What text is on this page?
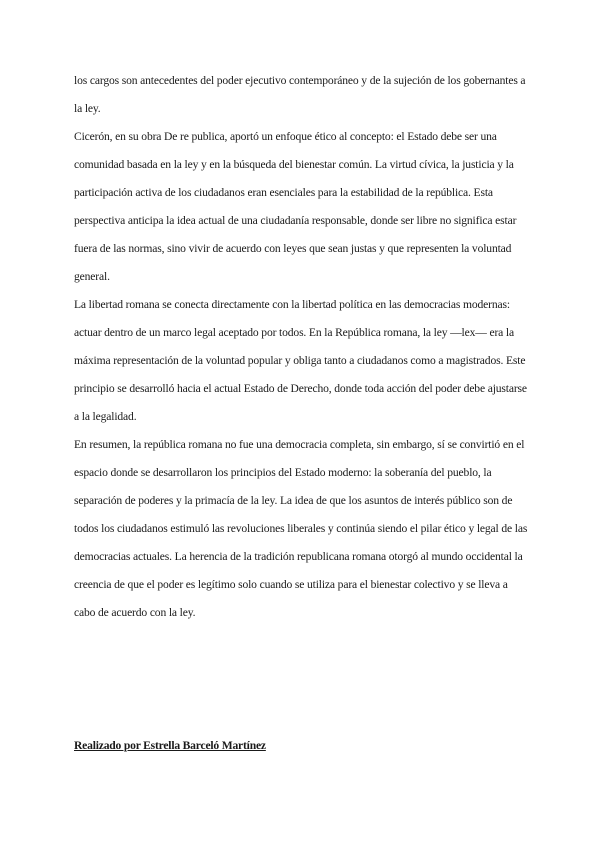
los cargos son antecedentes del poder ejecutivo contemporáneo y de la sujeción de los gobernantes a la ley.

Cicerón, en su obra De re publica, aportó un enfoque ético al concepto: el Estado debe ser una comunidad basada en la ley y en la búsqueda del bienestar común. La virtud cívica, la justicia y la participación activa de los ciudadanos eran esenciales para la estabilidad de la república. Esta perspectiva anticipa la idea actual de una ciudadanía responsable, donde ser libre no significa estar fuera de las normas, sino vivir de acuerdo con leyes que sean justas y que representen la voluntad general.

La libertad romana se conecta directamente con la libertad política en las democracias modernas: actuar dentro de un marco legal aceptado por todos. En la República romana, la ley —lex— era la máxima representación de la voluntad popular y obliga tanto a ciudadanos como a magistrados. Este principio se desarrolló hacia el actual Estado de Derecho, donde toda acción del poder debe ajustarse a la legalidad.

En resumen, la república romana no fue una democracia completa, sin embargo, sí se convirtió en el espacio donde se desarrollaron los principios del Estado moderno: la soberanía del pueblo, la separación de poderes y la primacía de la ley. La idea de que los asuntos de interés público son de todos los ciudadanos estimuló las revoluciones liberales y continúa siendo el pilar ético y legal de las democracias actuales. La herencia de la tradición republicana romana otorgó al mundo occidental la creencia de que el poder es legítimo solo cuando se utiliza para el bienestar colectivo y se lleva a cabo de acuerdo con la ley.

Realizado por Estrella Barceló Martínez
